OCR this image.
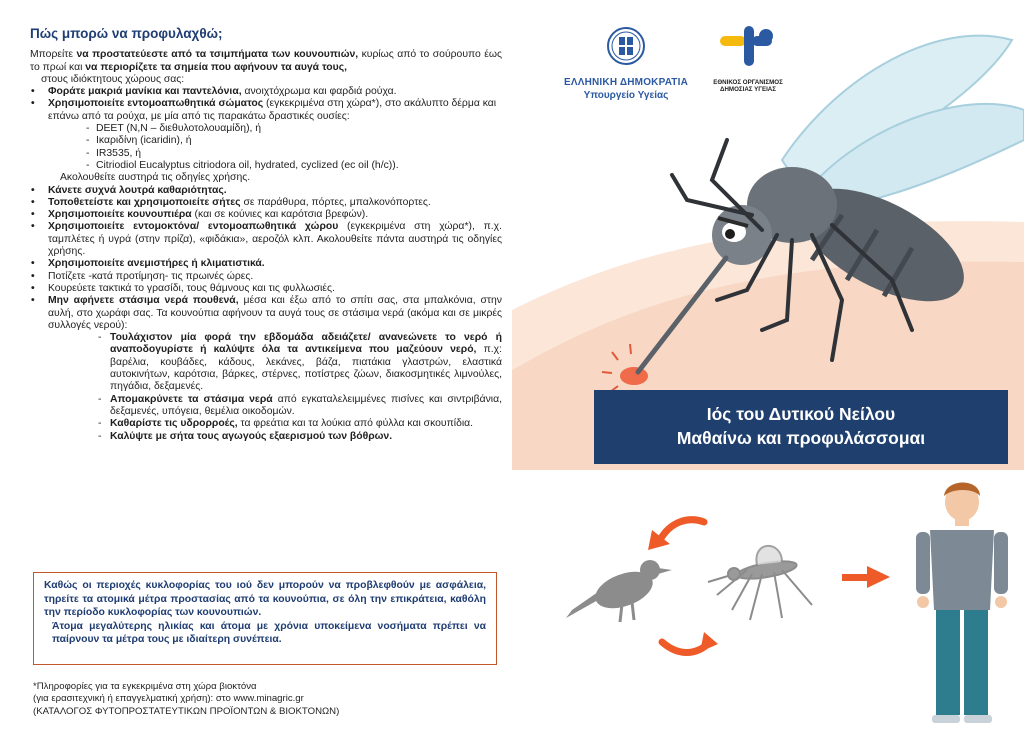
Πώς μπορώ να προφυλαχθώ;

Μπορείτε να προστατεύεστε από τα τσιμπήματα των κουνουπιών, κυρίως από το σούρουπο έως το πρωί και να περιορίζετε τα σημεία που αφήνουν τα αυγά τους,

στους ιδιόκτητους χώρους σας:

• Φοράτε μακριά μανίκια και παντελόνια, ανοιχτόχρωμα και φαρδιά ρούχα.
• Χρησιμοποιείτε εντομοαπωθητικά σώματος (εγκεκριμένα στη χώρα*), στο ακάλυπτο δέρμα και επάνω από τα ρούχα, με μία από τις παρακάτω δραστικές ουσίες:
- DEET (N,N – διεθυλοτολουαμίδη), ή
- Ικαριδίνη (icaridin), ή
- IR3535, ή
- Citriodiol Eucalyptus citriodora oil, hydrated, cyclized (ec oil (h/c)).
Ακολουθείτε αυστηρά τις οδηγίες χρήσης.
• Κάνετε συχνά λουτρά καθαριότητας.
• Τοποθετείστε και χρησιμοποιείτε σήτες σε παράθυρα, πόρτες, μπαλκονόπορτες.
• Χρησιμοποιείτε κουνουπιέρα (και σε κούνιες και καρότσια βρεφών).
• Χρησιμοποιείτε εντομοκτόνα/ εντομοαπωθητικά χώρου (εγκεκριμένα στη χώρα*), π.χ. ταμπλέτες ή υγρά (στην πρίζα), «φιδάκια», αεροζόλ κλπ. Ακολουθείτε πάντα αυστηρά τις οδηγίες χρήσης.
• Χρησιμοποιείτε ανεμιστήρες ή κλιματιστικά.
• Ποτίζετε -κατά προτίμηση- τις πρωινές ώρες.
• Κουρεύετε τακτικά το γρασίδι, τους θάμνους και τις φυλλωσιές.
• Μην αφήνετε στάσιμα νερά πουθενά, μέσα και έξω από το σπίτι σας, στα μπαλκόνια, στην αυλή, στο χωράφι σας. Τα κουνούπια αφήνουν τα αυγά τους σε στάσιμα νερά (ακόμα και σε μικρές συλλογές νερού):
- Τουλάχιστον μία φορά την εβδομάδα αδειάζετε/ ανανεώνετε το νερό ή αναποδογυρίστε ή καλύψτε όλα τα αντικείμενα που μαζεύουν νερό, π.χ: βαρέλια, κουβάδες, κάδους, λεκάνες, βάζα, πιατάκια γλαστρών, ελαστικά αυτοκινήτων, καρότσια, βάρκες, στέρνες, ποτίστρες ζώων, διακοσμητικές λιμνούλες, πηγάδια, δεξαμενές.
- Απομακρύνετε τα στάσιμα νερά από εγκαταλελειμμένες πισίνες και σιντριβάνια, δεξαμενές, υπόγεια, θεμέλια οικοδομών.
- Καθαρίστε τις υδρορροές, τα φρεάτια και τα λούκια από φύλλα και σκουπίδια.
- Καλύψτε με σήτα τους αγωγούς εξαερισμού των βόθρων.

Καθώς οι περιοχές κυκλοφορίας του ιού δεν μπορούν να προβλεφθούν με ασφάλεια, τηρείτε τα ατομικά μέτρα προστασίας από τα κουνούπια, σε όλη την επικράτεια, καθόλη την περίοδο κυκλοφορίας των κουνουπιών.

Άτομα μεγαλύτερης ηλικίας και άτομα με χρόνια υποκείμενα νοσήματα πρέπει να παίρνουν τα μέτρα τους με ιδιαίτερη συνέπεια.

*Πληροφορίες για τα εγκεκριμένα στη χώρα βιοκτόνα
(για ερασιτεχνική ή επαγγελματική χρήση): στο www.minagric.gr
(ΚΑΤΑΛΟΓΟΣ ΦΥΤΟΠΡΟΣΤΑΤΕΥΤΙΚΩΝ ΠΡΟΪΟΝΤΩΝ & ΒΙΟΚΤΟΝΩΝ)
ΕΛΛΗΝΙΚΗ ΔΗΜΟΚΡΑΤΙΑ
Υπουργείο Υγείας
ΕΘΝΙΚΟΣ ΟΡΓΑΝΙΣΜΟΣ
ΔΗΜΟΣΙΑΣ ΥΓΕΙΑΣ
Ιός του Δυτικού Νείλου
Μαθαίνω και προφυλάσσομαι
